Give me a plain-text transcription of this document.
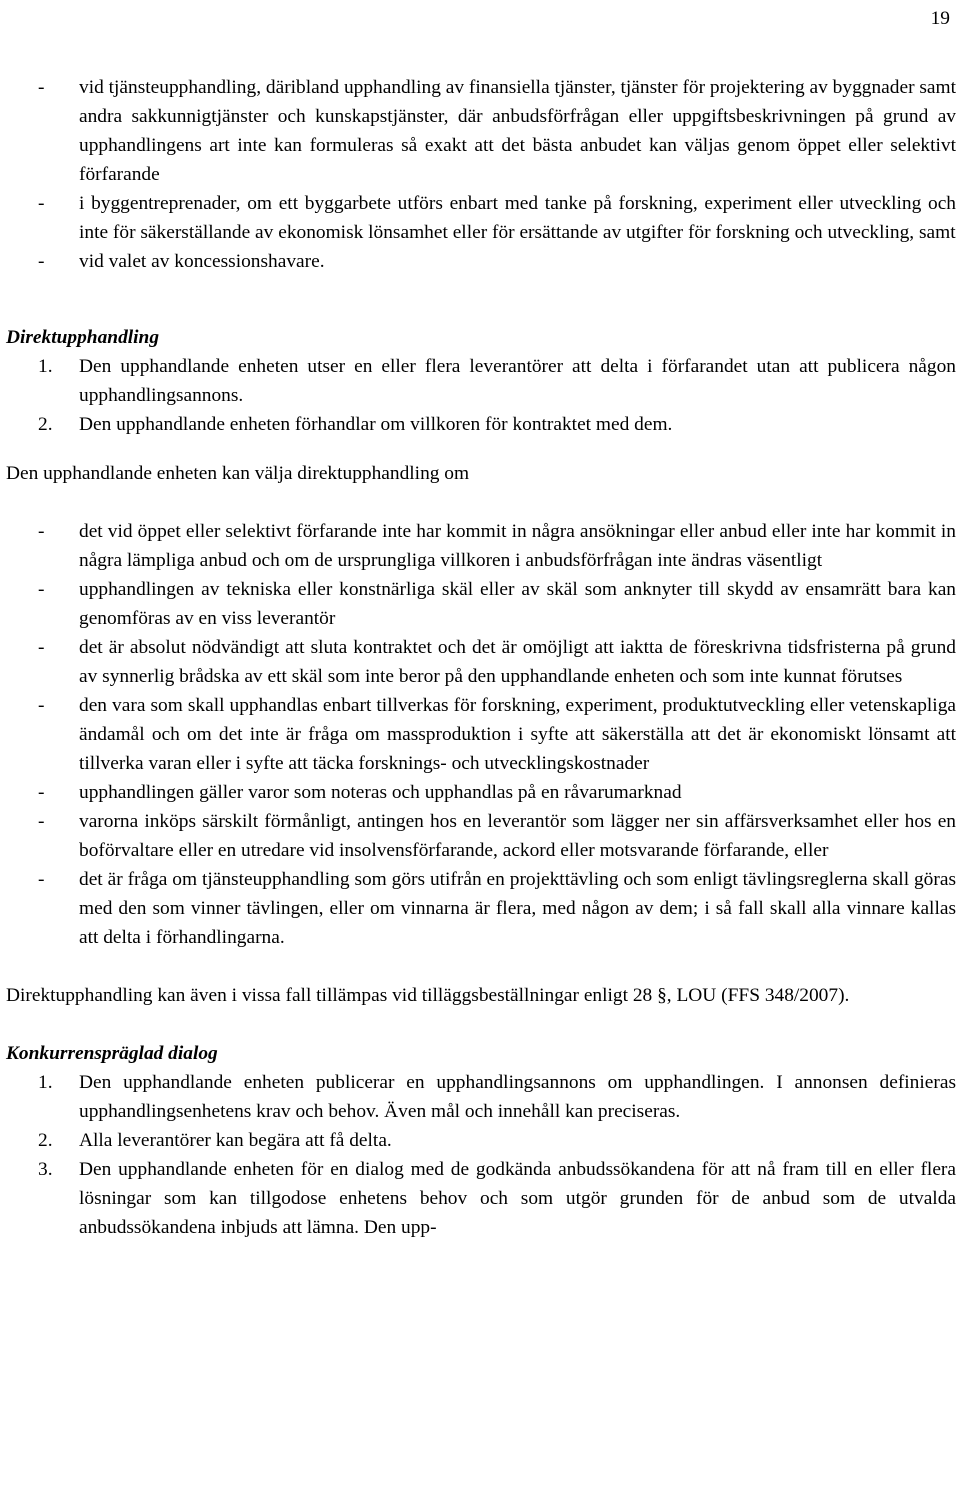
19
- vid tjänsteupphandling, däribland upphandling av finansiella tjänster, tjänster för projektering av byggnader samt andra sakkunnigtjänster och kunskapstjänster, där anbudsförfrågan eller uppgiftsbeskrivningen på grund av upphandlingens art inte kan formuleras så exakt att det bästa anbudet kan väljas genom öppet eller selektivt förfarande
- i byggentreprenader, om ett byggarbete utförs enbart med tanke på forskning, experiment eller utveckling och inte för säkerställande av ekonomisk lönsamhet eller för ersättande av utgifter för forskning och utveckling, samt
- vid valet av koncessionshavare.
Direktupphandling
1. Den upphandlande enheten utser en eller flera leverantörer att delta i förfarandet utan att publicera någon upphandlingsannons.
2. Den upphandlande enheten förhandlar om villkoren för kontraktet med dem.
Den upphandlande enheten kan välja direktupphandling om
- det vid öppet eller selektivt förfarande inte har kommit in några ansökningar eller anbud eller inte har kommit in några lämpliga anbud och om de ursprungliga villkoren i anbudsförfrågan inte ändras väsentligt
- upphandlingen av tekniska eller konstnärliga skäl eller av skäl som anknyter till skydd av ensamrätt bara kan genomföras av en viss leverantör
- det är absolut nödvändigt att sluta kontraktet och det är omöjligt att iaktta de föreskrivna tidsfristerna på grund av synnerlig brådska av ett skäl som inte beror på den upphandlande enheten och som inte kunnat förutses
- den vara som skall upphandlas enbart tillverkas för forskning, experiment, produktutveckling eller vetenskapliga ändamål och om det inte är fråga om massproduktion i syfte att säkerställa att det är ekonomiskt lönsamt att tillverka varan eller i syfte att täcka forsknings- och utvecklingskostnader
- upphandlingen gäller varor som noteras och upphandlas på en råvarumarknad
- varorna inköps särskilt förmånligt, antingen hos en leverantör som lägger ner sin affärsverksamhet eller hos en boförvaltare eller en utredare vid insolvensförfarande, ackord eller motsvarande förfarande, eller
- det är fråga om tjänsteupphandling som görs utifrån en projekttävling och som enligt tävlingsreglerna skall göras med den som vinner tävlingen, eller om vinnarna är flera, med någon av dem; i så fall skall alla vinnare kallas att delta i förhandlingarna.
Direktupphandling kan även i vissa fall tillämpas vid tilläggsbeställningar enligt 28 §, LOU (FFS 348/2007).
Konkurrenspräglad dialog
1. Den upphandlande enheten publicerar en upphandlingsannons om upphandlingen. I annonsen definieras upphandlingsenhetens krav och behov. Även mål och innehåll kan preciseras.
2. Alla leverantörer kan begära att få delta.
3. Den upphandlande enheten för en dialog med de godkända anbudssökandena för att nå fram till en eller flera lösningar som kan tillgodose enhetens behov och som utgör grunden för de anbud som de utvalda anbudssökandena inbjuds att lämna. Den upp-
